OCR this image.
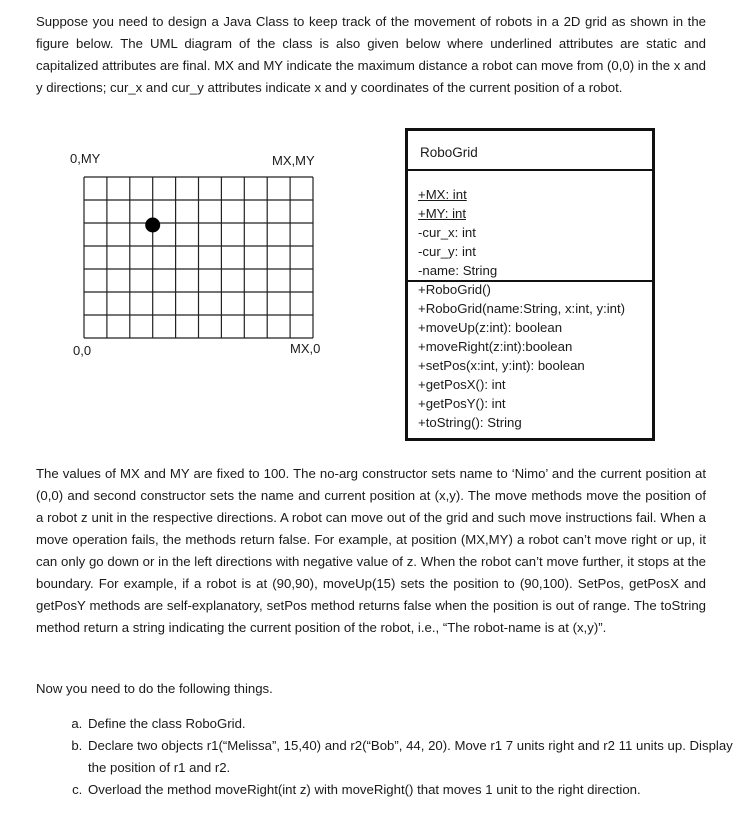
Suppose you need to design a Java Class to keep track of the movement of robots in a 2D grid as shown in the figure below. The UML diagram of the class is also given below where underlined attributes are static and capitalized attributes are final. MX and MY indicate the maximum distance a robot can move from (0,0) in the x and y directions; cur_x and cur_y attributes indicate x and y coordinates of the current position of a robot.

0,MY	MX,MY
0,0	MX,0
RoboGrid
+MX: int
+MY: int
-cur_x: int
-cur_y: int
-name: String
+RoboGrid()
+RoboGrid(name:String, x:int, y:int)
+moveUp(z:int): boolean
+moveRight(z:int):boolean
+setPos(x:int, y:int): boolean
+getPosX(): int
+getPosY(): int
+toString(): String

The values of MX and MY are fixed to 100. The no-arg constructor sets name to ‘Nimo’ and the current position at (0,0) and second constructor sets the name and current position at (x,y). The move methods move the position of a robot z unit in the respective directions. A robot can move out of the grid and such move instructions fail. When a move operation fails, the methods return false. For example, at position (MX,MY) a robot can’t move right or up, it can only go down or in the left directions with negative value of z. When the robot can’t move further, it stops at the boundary. For example, if a robot is at (90,90), moveUp(15) sets the position to (90,100). SetPos, getPosX and getPosY methods are self-explanatory, setPos method returns false when the position is out of range. The toString method return a string indicating the current position of the robot, i.e., “The robot-name is at (x,y)”.

Now you need to do the following things.

a. Define the class RoboGrid.
b. Declare two objects r1(“Melissa”, 15,40) and r2(“Bob”, 44, 20). Move r1 7 units right and r2 11 units up. Display the position of r1 and r2.
c. Overload the method moveRight(int z) with moveRight() that moves 1 unit to the right direction.
